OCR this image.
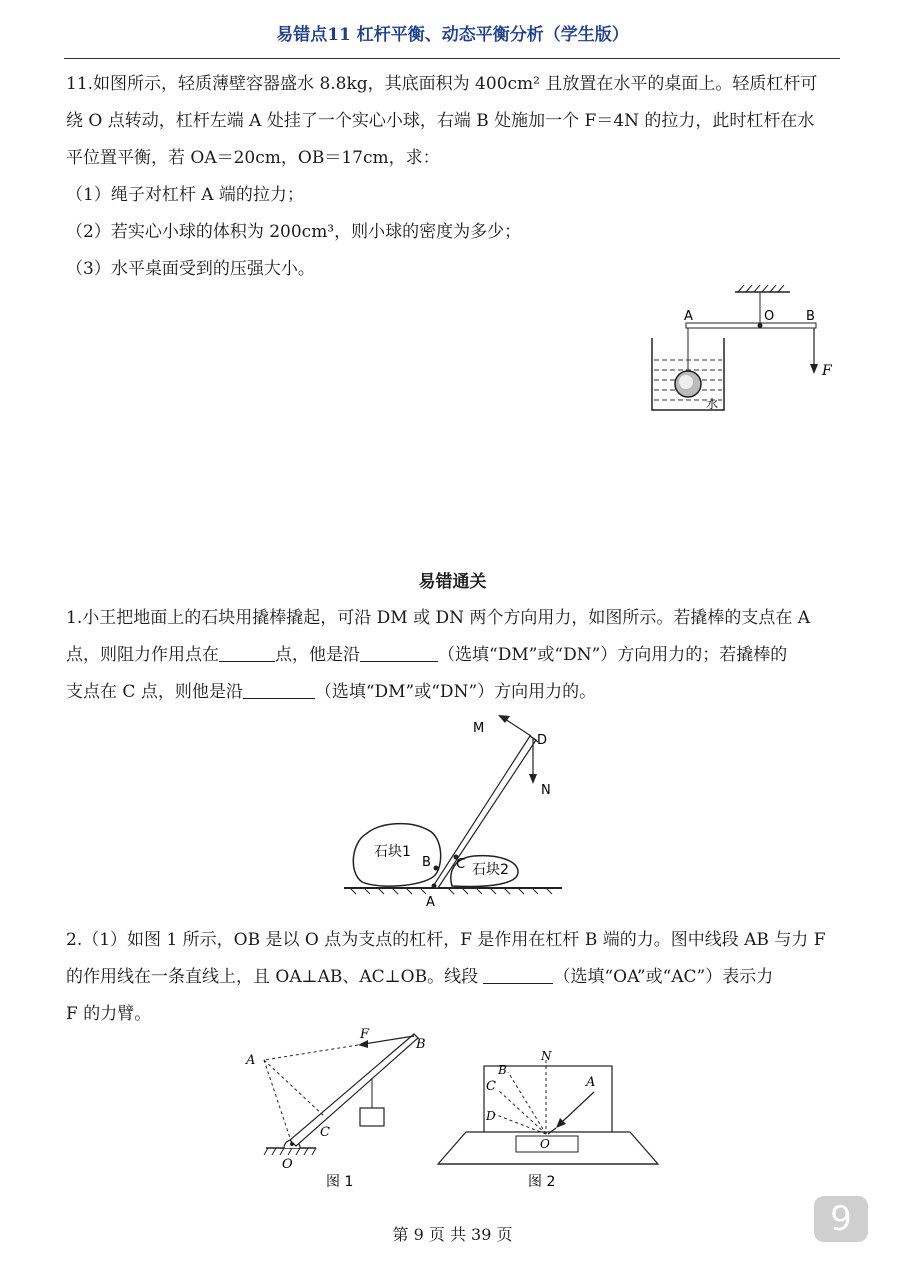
易错点11 杠杆平衡、动态平衡分析（学生版）
11.如图所示，轻质薄壁容器盛水 8.8kg，其底面积为 400cm² 且放置在水平的桌面上。轻质杠杆可
绕 O 点转动，杠杆左端 A 处挂了一个实心小球，右端 B 处施加一个 F＝4N 的拉力，此时杠杆在水
平位置平衡，若 OA＝20cm，OB＝17cm，求：
（1）绳子对杠杆 A 端的拉力；
（2）若实心小球的体积为 200cm³，则小球的密度为多少；
（3）水平桌面受到的压强大小。
A	O B
F
水
易错通关
1.小王把地面上的石块用撬棒撬起，可沿 DM 或 DN 两个方向用力，如图所示。若撬棒的支点在 A
点，则阻力作用点在	点，他是沿	（选填“DM”或“DN”）方向用力的；若撬棒的
支点在 C 点，则他是沿	（选填“DM”或“DN”）方向用力的。
M
D
N
石块1
石块2
B C
A
2.（1）如图 1 所示，OB 是以 O 点为支点的杠杆，F 是作用在杠杆 B 端的力。图中线段 AB 与力 F
的作用线在一条直线上，且 OA⊥AB、AC⊥OB。线段	（选填“OA”或“AC”）表示力
F 的力臂。
A
F
B
C
O
图 1
N
B
A
C
D
O
图 2
第 9 页 共 39 页	9
